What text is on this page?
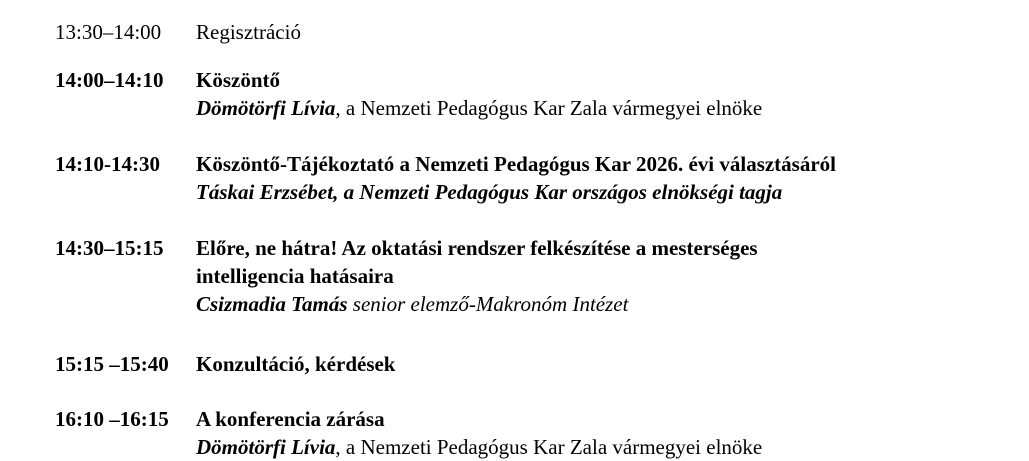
13:30–14:00 Regisztráció
14:00–14:10 Köszöntő
Dömötörfi Lívia, a Nemzeti Pedagógus Kar Zala vármegyei elnöke
14:10-14:30 Köszöntő-Tájékoztató a Nemzeti Pedagógus Kar 2026. évi választásáról
Táskai Erzsébet, a Nemzeti Pedagógus Kar országos elnökségi tagja
14:30–15:15 Előre, ne hátra! Az oktatási rendszer felkészítése a mesterséges
intelligencia hatásaira
Csizmadia Tamás senior elemző-Makronóm Intézet
15:15 –15:40 Konzultáció, kérdések
16:10 –16:15 A konferencia zárása
Dömötörfi Lívia, a Nemzeti Pedagógus Kar Zala vármegyei elnöke
